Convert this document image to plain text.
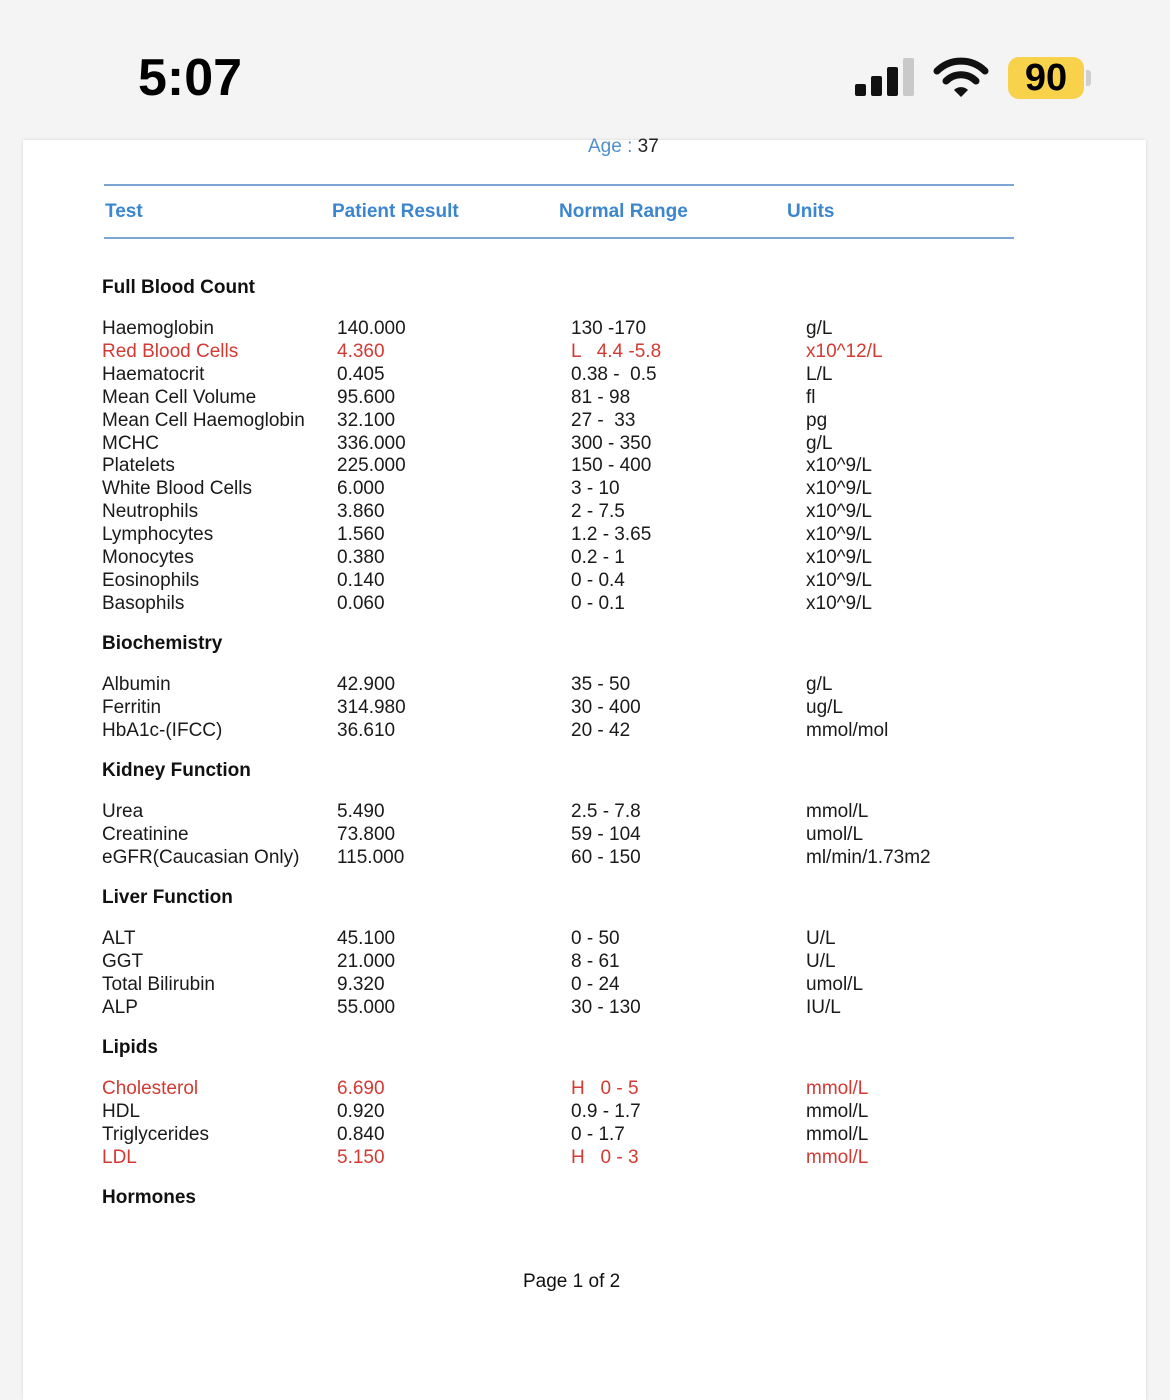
5:07	90
Age : 37
Test	Patient Result	Normal Range	Units
Full Blood Count
Haemoglobin	140.000	130 -170	g/L
Red Blood Cells	4.360	L   4.4 -5.8	x10^12/L
Haematocrit	0.405	0.38 -  0.5	L/L
Mean Cell Volume	95.600	81 - 98	fl
Mean Cell Haemoglobin 32.100	27 -  33	pg
MCHC	336.000	300 - 350	g/L
Platelets	225.000	150 - 400	x10^9/L
White Blood Cells	6.000	3 - 10	x10^9/L
Neutrophils	3.860	2 - 7.5	x10^9/L
Lymphocytes	1.560	1.2 - 3.65	x10^9/L
Monocytes	0.380	0.2 - 1	x10^9/L
Eosinophils	0.140	0 - 0.4	x10^9/L
Basophils	0.060	0 - 0.1	x10^9/L
Biochemistry
Albumin	42.900	35 - 50	g/L
Ferritin	314.980	30 - 400	ug/L
HbA1c-(IFCC)	36.610	20 - 42	mmol/mol
Kidney Function
Urea	5.490	2.5 - 7.8	mmol/L
Creatinine	73.800	59 - 104	umol/L
eGFR(Caucasian Only) 115.000	60 - 150	ml/min/1.73m2
Liver Function
ALT	45.100	0 - 50	U/L
GGT	21.000	8 - 61	U/L
Total Bilirubin	9.320	0 - 24	umol/L
ALP	55.000	30 - 130	IU/L
Lipids
Cholesterol	6.690	H   0 - 5	mmol/L
HDL	0.920	0.9 - 1.7	mmol/L
Triglycerides	0.840	0 - 1.7	mmol/L
LDL	5.150	H   0 - 3	mmol/L
Hormones
Page 1 of 2
